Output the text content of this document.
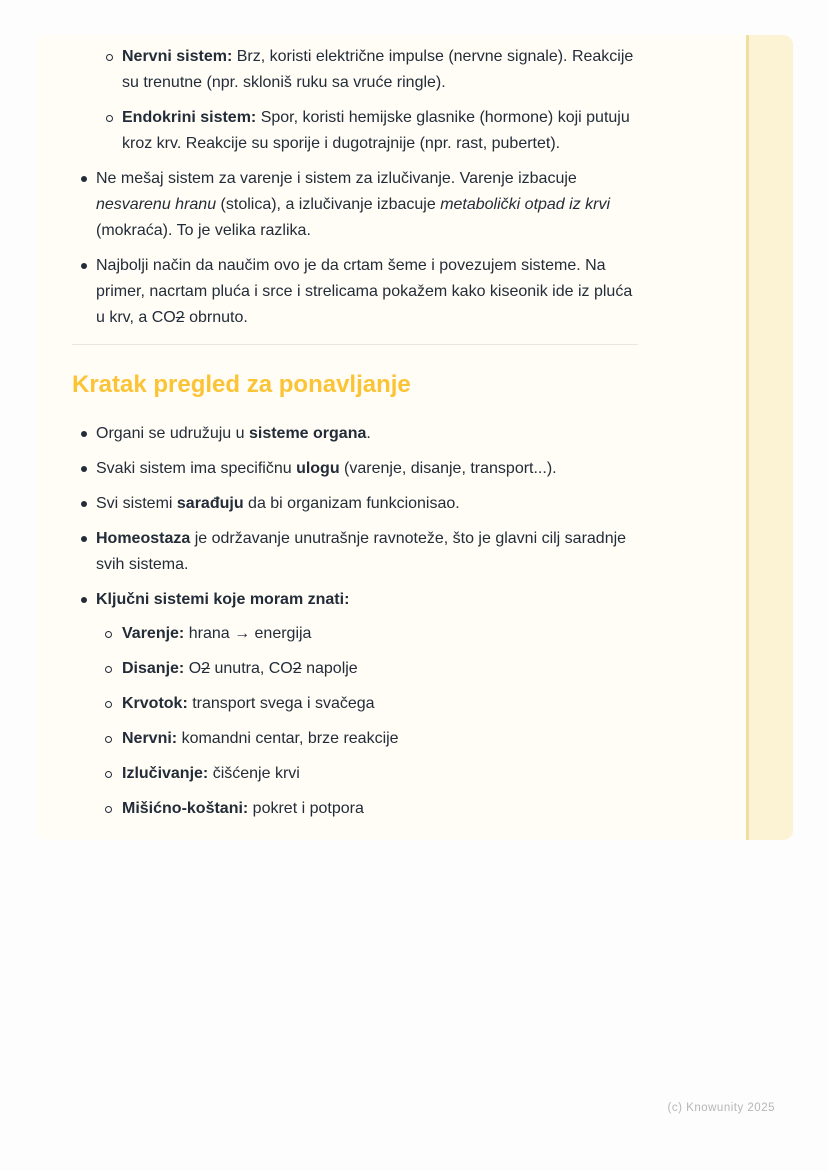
Nervni sistem: Brz, koristi električne impulse (nervne signale). Reakcije su trenutne (npr. skloniš ruku sa vruće ringle).
Endokrini sistem: Spor, koristi hemijske glasnike (hormone) koji putuju kroz krv. Reakcije su sporije i dugotrajnije (npr. rast, pubertet).
Ne mešaj sistem za varenje i sistem za izlučivanje. Varenje izbacuje nesvarenu hranu (stolica), a izlučivanje izbacuje metabolički otpad iz krvi (mokraća). To je velika razlika.
Najbolji način da naučim ovo je da crtam šeme i povezujem sisteme. Na primer, nacrtam pluća i srce i strelicama pokažem kako kiseonik ide iz pluća u krv, a CO2 obrnuto.
Kratak pregled za ponavljanje
Organi se udružuju u sisteme organa.
Svaki sistem ima specifičnu ulogu (varenje, disanje, transport...).
Svi sistemi sarađuju da bi organizam funkcionisao.
Homeostaza je održavanje unutrašnje ravnoteže, što je glavni cilj saradnje svih sistema.
Ključni sistemi koje moram znati:
Varenje: hrana → energija
Disanje: O2 unutra, CO2 napolje
Krvotok: transport svega i svačega
Nervni: komandni centar, brze reakcije
Izlučivanje: čišćenje krvi
Mišićno-koštani: pokret i potpora
(c) Knowunity 2025
